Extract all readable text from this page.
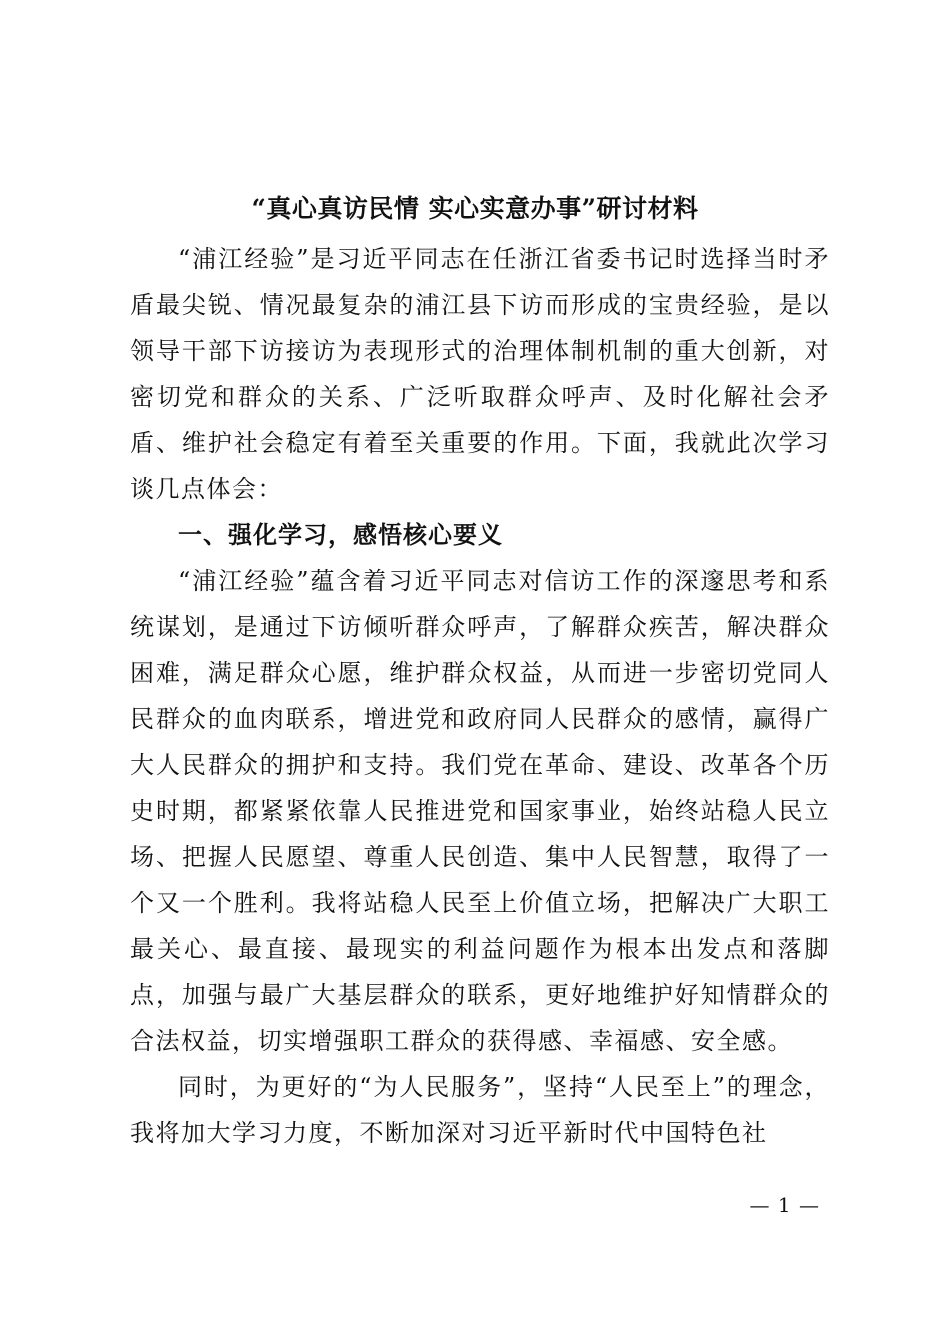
“真心真访民情 实心实意办事”研讨材料

“浦江经验”是习近平同志在任浙江省委书记时选择当时矛盾最尖锐、情况最复杂的浦江县下访而形成的宝贵经验，是以领导干部下访接访为表现形式的治理体制机制的重大创新，对密切党和群众的关系、广泛听取群众呼声、及时化解社会矛盾、维护社会稳定有着至关重要的作用。下面，我就此次学习谈几点体会：

一、强化学习，感悟核心要义

“浦江经验”蕴含着习近平同志对信访工作的深邃思考和系统谋划，是通过下访倾听群众呼声，了解群众疾苦，解决群众困难，满足群众心愿，维护群众权益，从而进一步密切党同人民群众的血肉联系，增进党和政府同人民群众的感情，赢得广大人民群众的拥护和支持。我们党在革命、建设、改革各个历史时期，都紧紧依靠人民推进党和国家事业，始终站稳人民立场、把握人民愿望、尊重人民创造、集中人民智慧，取得了一个又一个胜利。我将站稳人民至上价值立场，把解决广大职工最关心、最直接、最现实的利益问题作为根本出发点和落脚点，加强与最广大基层群众的联系，更好地维护好知情群众的合法权益，切实增强职工群众的获得感、幸福感、安全感。

同时，为更好的“为人民服务”，坚持“人民至上”的理念，我将加大学习力度，不断加深对习近平新时代中国特色社

— 1 —
